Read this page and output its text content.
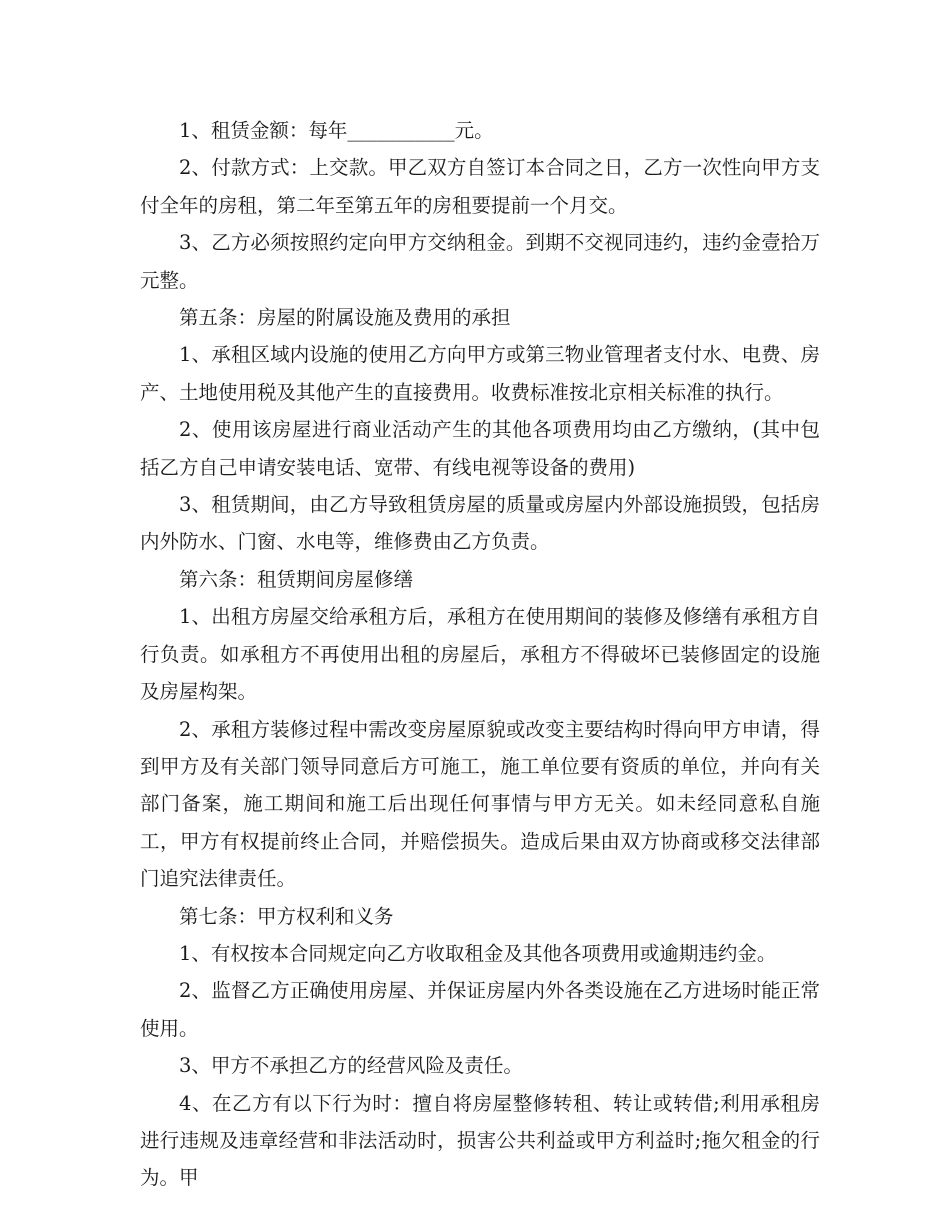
1、租赁金额：每年___________元。

2、付款方式：上交款。甲乙双方自签订本合同之日，乙方一次性向甲方支付全年的房租，第二年至第五年的房租要提前一个月交。

3、乙方必须按照约定向甲方交纳租金。到期不交视同违约，违约金壹拾万元整。

第五条：房屋的附属设施及费用的承担

1、承租区域内设施的使用乙方向甲方或第三物业管理者支付水、电费、房产、土地使用税及其他产生的直接费用。收费标准按北京相关标准的执行。

2、使用该房屋进行商业活动产生的其他各项费用均由乙方缴纳，(其中包括乙方自己申请安装电话、宽带、有线电视等设备的费用)

3、租赁期间，由乙方导致租赁房屋的质量或房屋内外部设施损毁，包括房内外防水、门窗、水电等，维修费由乙方负责。

第六条：租赁期间房屋修缮

1、出租方房屋交给承租方后，承租方在使用期间的装修及修缮有承租方自行负责。如承租方不再使用出租的房屋后，承租方不得破坏已装修固定的设施及房屋构架。

2、承租方装修过程中需改变房屋原貌或改变主要结构时得向甲方申请，得到甲方及有关部门领导同意后方可施工，施工单位要有资质的单位，并向有关部门备案，施工期间和施工后出现任何事情与甲方无关。如未经同意私自施工，甲方有权提前终止合同，并赔偿损失。造成后果由双方协商或移交法律部门追究法律责任。

第七条：甲方权利和义务

1、有权按本合同规定向乙方收取租金及其他各项费用或逾期违约金。

2、监督乙方正确使用房屋、并保证房屋内外各类设施在乙方进场时能正常使用。

3、甲方不承担乙方的经营风险及责任。

4、在乙方有以下行为时：擅自将房屋整修转租、转让或转借;利用承租房进行违规及违章经营和非法活动时，损害公共利益或甲方利益时;拖欠租金的行为。甲
